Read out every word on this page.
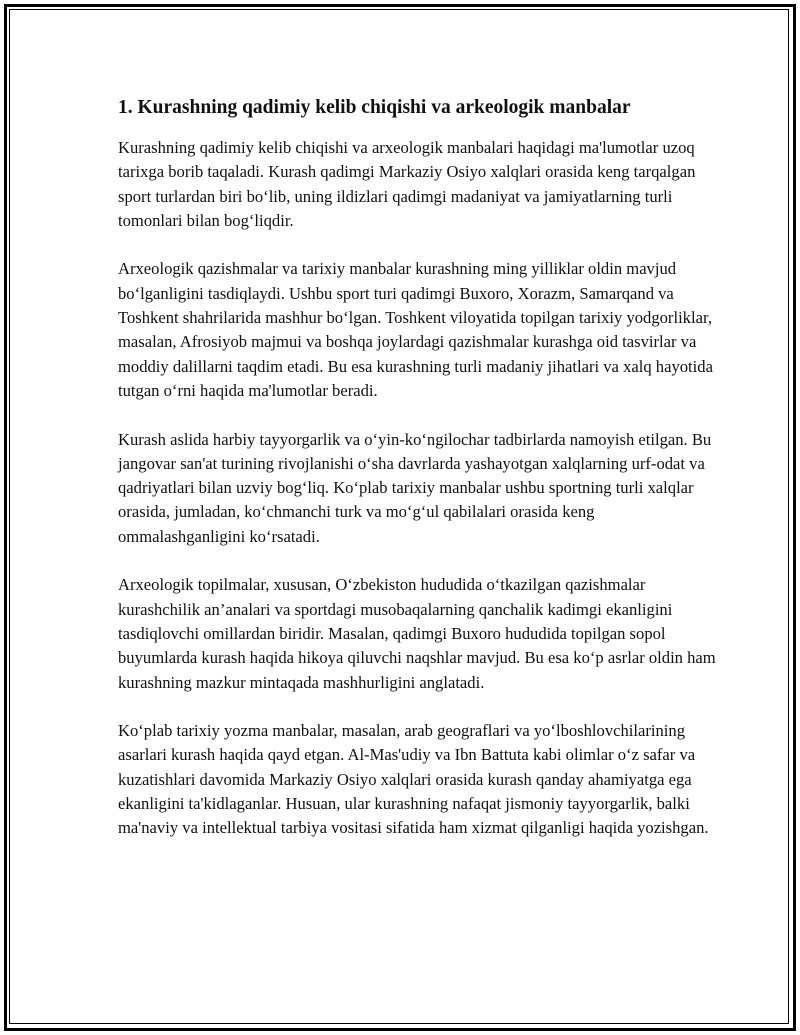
1. Kurashning qadimiy kelib chiqishi va arkeologik manbalar

Kurashning qadimiy kelib chiqishi va arxeologik manbalari haqidagi ma'lumotlar uzoq tarixga borib taqaladi. Kurash qadimgi Markaziy Osiyo xalqlari orasida keng tarqalgan sport turlardan biri bo‘lib, uning ildizlari qadimgi madaniyat va jamiyatlarning turli tomonlari bilan bog‘liqdir.

Arxeologik qazishmalar va tarixiy manbalar kurashning ming yilliklar oldin mavjud bo‘lganligini tasdiqlaydi. Ushbu sport turi qadimgi Buxoro, Xorazm, Samarqand va Toshkent shahrilarida mashhur bo‘lgan. Toshkent viloyatida topilgan tarixiy yodgorliklar, masalan, Afrosiyob majmui va boshqa joylardagi qazishmalar kurashga oid tasvirlar va moddiy dalillarni taqdim etadi. Bu esa kurashning turli madaniy jihatlari va xalq hayotida tutgan o‘rni haqida ma'lumotlar beradi.

Kurash aslida harbiy tayyorgarlik va o‘yin-ko‘ngilochar tadbirlarda namoyish etilgan. Bu jangovar san'at turining rivojlanishi o‘sha davrlarda yashayotgan xalqlarning urf-odat va qadriyatlari bilan uzviy bog‘liq. Ko‘plab tarixiy manbalar ushbu sportning turli xalqlar orasida, jumladan, ko‘chmanchi turk va mo‘g‘ul qabilalari orasida keng ommalashganligini ko‘rsatadi.

Arxeologik topilmalar, xususan, O‘zbekiston hududida o‘tkazilgan qazishmalar kurashchilik an’analari va sportdagi musobaqalarning qanchalik kadimgi ekanligini tasdiqlovchi omillardan biridir. Masalan, qadimgi Buxoro hududida topilgan sopol buyumlarda kurash haqida hikoya qiluvchi naqshlar mavjud. Bu esa ko‘p asrlar oldin ham kurashning mazkur mintaqada mashhurligini anglatadi.

Ko‘plab tarixiy yozma manbalar, masalan, arab geograflari va yo‘lboshlovchilarining asarlari kurash haqida qayd etgan. Al-Mas'udiy va Ibn Battuta kabi olimlar o‘z safar va kuzatishlari davomida Markaziy Osiyo xalqlari orasida kurash qanday ahamiyatga ega ekanligini ta'kidlaganlar. Husuan, ular kurashning nafaqat jismoniy tayyorgarlik, balki ma'naviy va intellektual tarbiya vositasi sifatida ham xizmat qilganligi haqida yozishgan.
